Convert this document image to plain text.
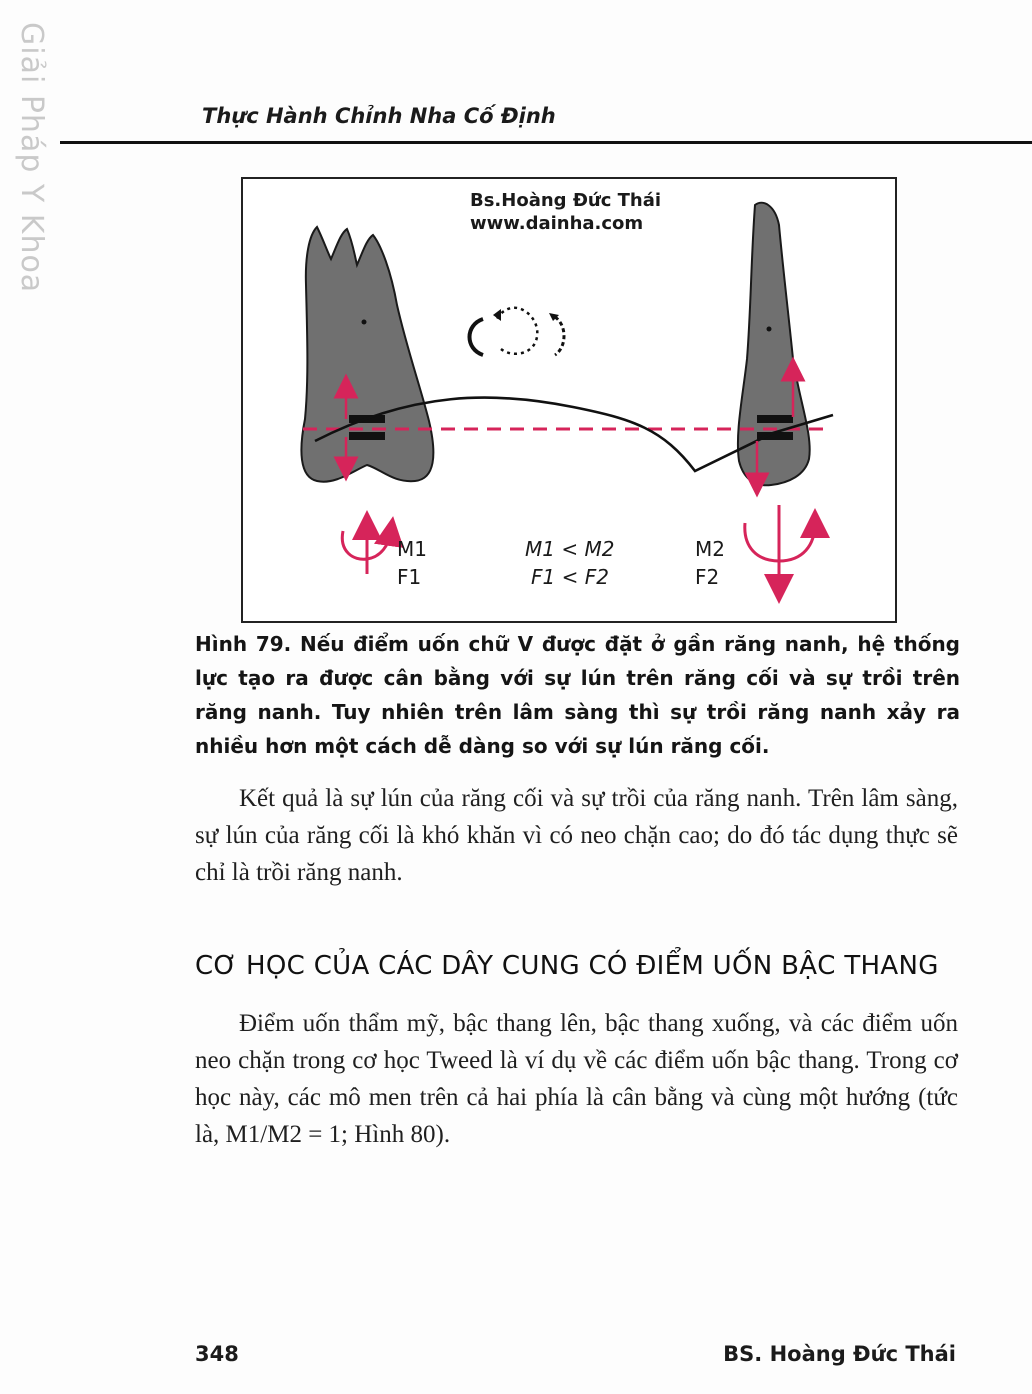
Giải Pháp Y Khoa	Thực Hành Chỉnh Nha Cố Định
Bs.Hoàng Đức Thái
www.dainha.com
M1
F1
M1 < M2
F1 < F2
M2
F2
Hình 79. Nếu điểm uốn chữ V được đặt ở gần răng nanh, hệ thống lực tạo ra được cân bằng với sự lún trên răng cối và sự trồi trên răng nanh. Tuy nhiên trên lâm sàng thì sự trồi răng nanh xảy ra nhiều hơn một cách dễ dàng so với sự lún răng cối.

Kết quả là sự lún của răng cối và sự trồi của răng nanh. Trên lâm sàng, sự lún của răng cối là khó khăn vì có neo chặn cao; do đó tác dụng thực sẽ chỉ là trồi răng nanh.

CƠ HỌC CỦA CÁC DÂY CUNG CÓ ĐIỂM UỐN BẬC THANG

Điểm uốn thẩm mỹ, bậc thang lên, bậc thang xuống, và các điểm uốn neo chặn trong cơ học Tweed là ví dụ về các điểm uốn bậc thang. Trong cơ học này, các mô men trên cả hai phía là cân bằng và cùng một hướng (tức là, M1/M2 = 1; Hình 80).

348	BS. Hoàng Đức Thái
